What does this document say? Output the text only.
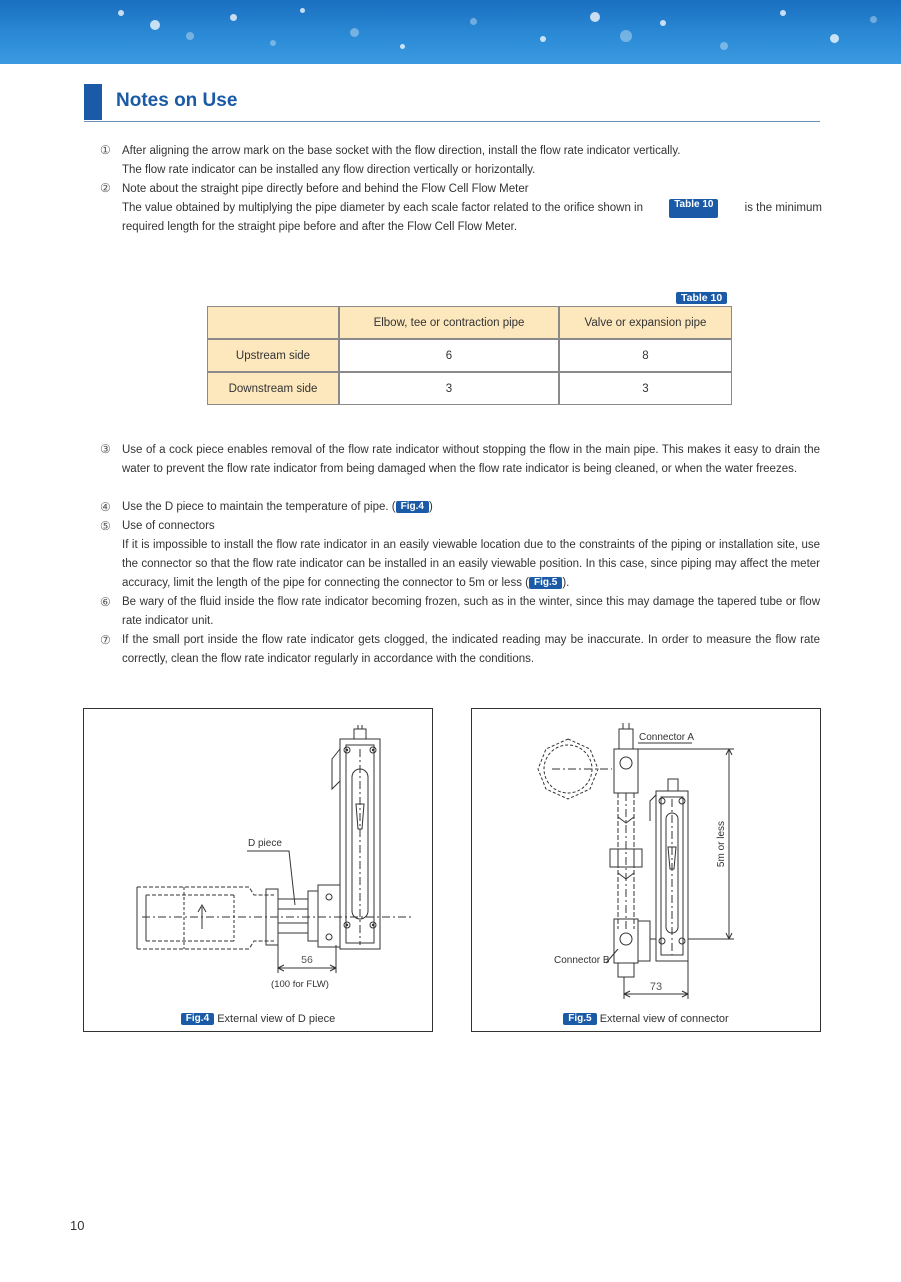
Notes on Use
① After aligning the arrow mark on the base socket with the flow direction, install the flow rate indicator vertically.
The flow rate indicator can be installed any flow direction vertically or horizontally.
② Note about the straight pipe directly before and behind the Flow Cell Flow Meter
The value obtained by multiplying the pipe diameter by each scale factor related to the orifice shown in	Table 10	is the minimum
required length for the straight pipe before and after the Flow Cell Flow Meter.
Table 10
	Elbow, tee or contraction pipe	Valve or expansion pipe
Upstream side	6	8
Downstream side	3	3
③ Use of a cock piece enables removal of the flow rate indicator without stopping the flow in the main pipe. This makes it easy to drain the water to prevent the flow rate indicator from being damaged when the flow rate indicator is being cleaned, or when the water freezes.
④ Use the D piece to maintain the temperature of pipe. ( Fig.4 )
⑤ Use of connectors
If it is impossible to install the flow rate indicator in an easily viewable location due to the constraints of the piping or installation site, use the connector so that the flow rate indicator can be installed in an easily viewable position. In this case, since piping may affect the meter accuracy, limit the length of the pipe for connecting the connector to 5m or less ( Fig.5 ).
⑥ Be wary of the fluid inside the flow rate indicator becoming frozen, such as in the winter, since this may damage the tapered tube or flow rate indicator unit.
⑦ If the small port inside the flow rate indicator gets clogged, the indicated reading may be inaccurate. In order to measure the flow rate correctly, clean the flow rate indicator regularly in accordance with the conditions.
D piece
56
(100 for FLW)
Fig.4 External view of D piece
Connector A
Connector B
5m or less
73
Fig.5 External view of connector
10
